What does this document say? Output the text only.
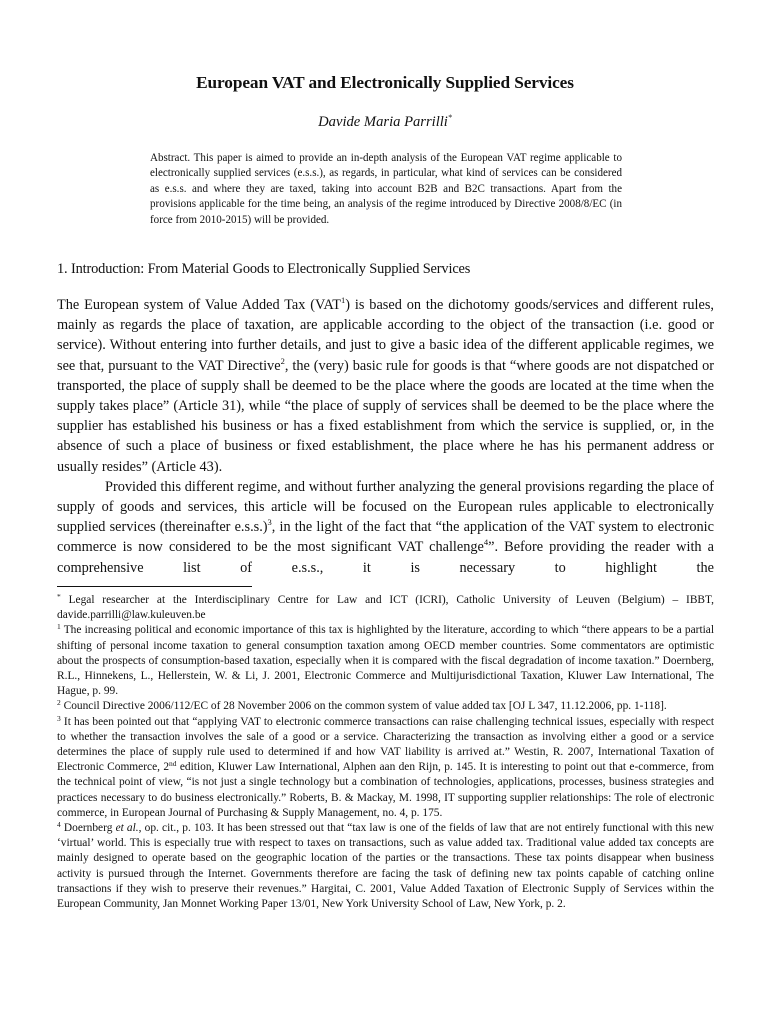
European VAT and Electronically Supplied Services
Davide Maria Parrilli*
Abstract. This paper is aimed to provide an in-depth analysis of the European VAT regime applicable to electronically supplied services (e.s.s.), as regards, in particular, what kind of services can be considered as e.s.s. and where they are taxed, taking into account B2B and B2C transactions. Apart from the provisions applicable for the time being, an analysis of the regime introduced by Directive 2008/8/EC (in force from 2010-2015) will be provided.
1. Introduction: From Material Goods to Electronically Supplied Services

The European system of Value Added Tax (VAT$^1$) is based on the dichotomy goods/services and different rules, mainly as regards the place of taxation, are applicable according to the object of the transaction (i.e. good or service). Without entering into further details, and just to give a basic idea of the different applicable regimes, we see that, pursuant to the VAT Directive$^2$, the (very) basic rule for goods is that “where goods are not dispatched or transported, the place of supply shall be deemed to be the place where the goods are located at the time when the supply takes place” (Article 31), while “the place of supply of services shall be deemed to be the place where the supplier has established his business or has a fixed establishment from which the service is supplied, or, in the absence of such a place of business or fixed establishment, the place where he has his permanent address or usually resides” (Article 43).

Provided this different regime, and without further analyzing the general provisions regarding the place of supply of goods and services, this article will be focused on the European rules applicable to electronically supplied services (thereinafter e.s.s.)$^3$, in the light of the fact that “the application of the VAT system to electronic commerce is now considered to be the most significant VAT challenge$^4$”. Before providing the reader with a comprehensive list of e.s.s., it is necessary to highlight the

* Legal researcher at the Interdisciplinary Centre for Law and ICT (ICRI), Catholic University of Leuven (Belgium) – IBBT, davide.parrilli@law.kuleuven.be

$^1$ The increasing political and economic importance of this tax is highlighted by the literature, according to which “there appears to be a partial shifting of personal income taxation to general consumption taxation among OECD member countries. Some commentators are optimistic about the prospects of consumption-based taxation, especially when it is compared with the fiscal degradation of income taxation.” Doernberg, R.L., Hinnekens, L., Hellerstein, W. & Li, J. 2001, Electronic Commerce and Multijurisdictional Taxation, Kluwer Law International, The Hague, p. 99.

$^2$ Council Directive 2006/112/EC of 28 November 2006 on the common system of value added tax [OJ L 347, 11.12.2006, pp. 1-118].

$^3$ It has been pointed out that “applying VAT to electronic commerce transactions can raise challenging technical issues, especially with respect to whether the transaction involves the sale of a good or a service. Characterizing the transaction as involving either a good or a service determines the place of supply rule used to determined if and how VAT liability is arrived at.” Westin, R. 2007, International Taxation of Electronic Commerce, 2nd edition, Kluwer Law International, Alphen aan den Rijn, p. 145. It is interesting to point out that e-commerce, from the technical point of view, “is not just a single technology but a combination of technologies, applications, processes, business strategies and practices necessary to do business electronically.” Roberts, B. & Mackay, M. 1998, IT supporting supplier relationships: The role of electronic commerce, in European Journal of Purchasing & Supply Management, no. 4, p. 175.

$^4$ Doernberg et al., op. cit., p. 103. It has been stressed out that “tax law is one of the fields of law that are not entirely functional with this new ‘virtual’ world. This is especially true with respect to taxes on transactions, such as value added tax. Traditional value added tax concepts are mainly designed to operate based on the geographic location of the parties or the transactions. These tax points disappear when business activity is pursued through the Internet. Governments therefore are facing the task of defining new tax points capable of catching online transactions if they wish to preserve their revenues.” Hargitai, C. 2001, Value Added Taxation of Electronic Supply of Services within the European Community, Jan Monnet Working Paper 13/01, New York University School of Law, New York, p. 2.
